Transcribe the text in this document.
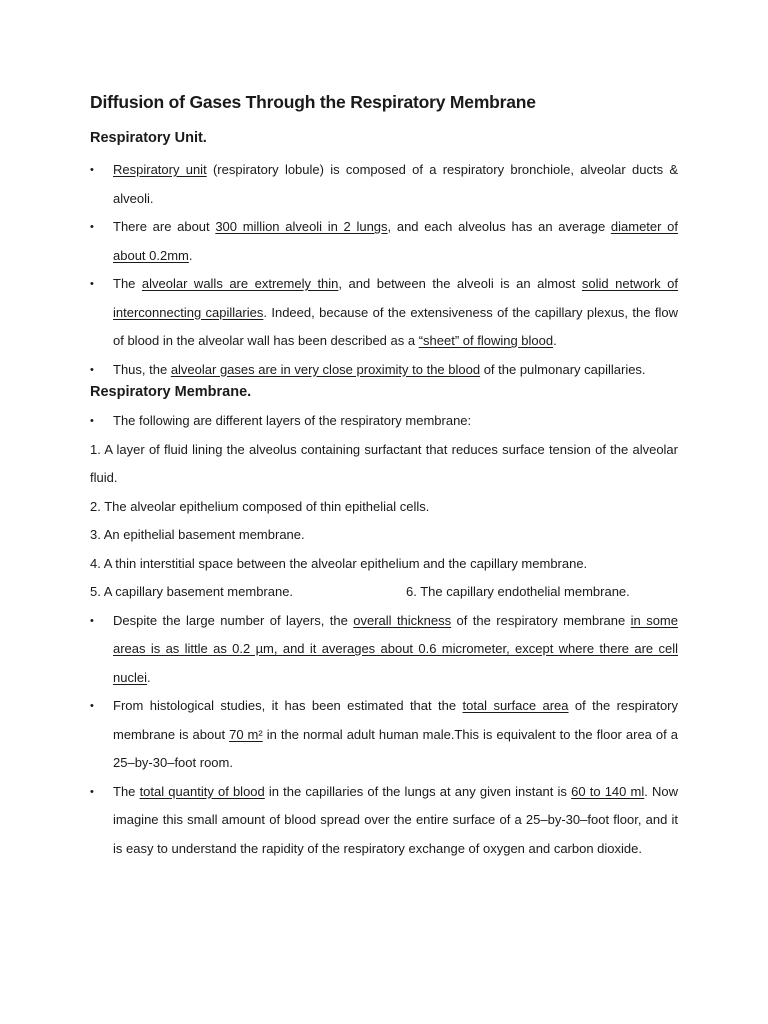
Diffusion of Gases Through the Respiratory Membrane
Respiratory Unit.

• Respiratory unit (respiratory lobule) is composed of a respiratory bronchiole, alveolar ducts & alveoli.

• There are about 300 million alveoli in 2 lungs, and each alveolus has an average diameter of about 0.2mm.

• The alveolar walls are extremely thin, and between the alveoli is an almost solid network of interconnecting capillaries. Indeed, because of the extensiveness of the capillary plexus, the flow of blood in the alveolar wall has been described as a “sheet” of flowing blood.

• Thus, the alveolar gases are in very close proximity to the blood of the pulmonary capillaries.

Respiratory Membrane.

• The following are different layers of the respiratory membrane:

1. A layer of fluid lining the alveolus containing surfactant that reduces surface tension of the alveolar fluid.

2. The alveolar epithelium composed of thin epithelial cells.

3. An epithelial basement membrane.

4. A thin interstitial space between the alveolar epithelium and the capillary membrane.

5. A capillary basement membrane.	6. The capillary endothelial membrane.

• Despite the large number of layers, the overall thickness of the respiratory membrane in some areas is as little as 0.2 µm, and it averages about 0.6 micrometer, except where there are cell nuclei.

• From histological studies, it has been estimated that the total surface area of the respiratory membrane is about 70 m² in the normal adult human male.This is equivalent to the floor area of a 25–by-30–foot room.

• The total quantity of blood in the capillaries of the lungs at any given instant is 60 to 140 ml. Now imagine this small amount of blood spread over the entire surface of a 25–by-30–foot floor, and it is easy to understand the rapidity of the respiratory exchange of oxygen and carbon dioxide.
